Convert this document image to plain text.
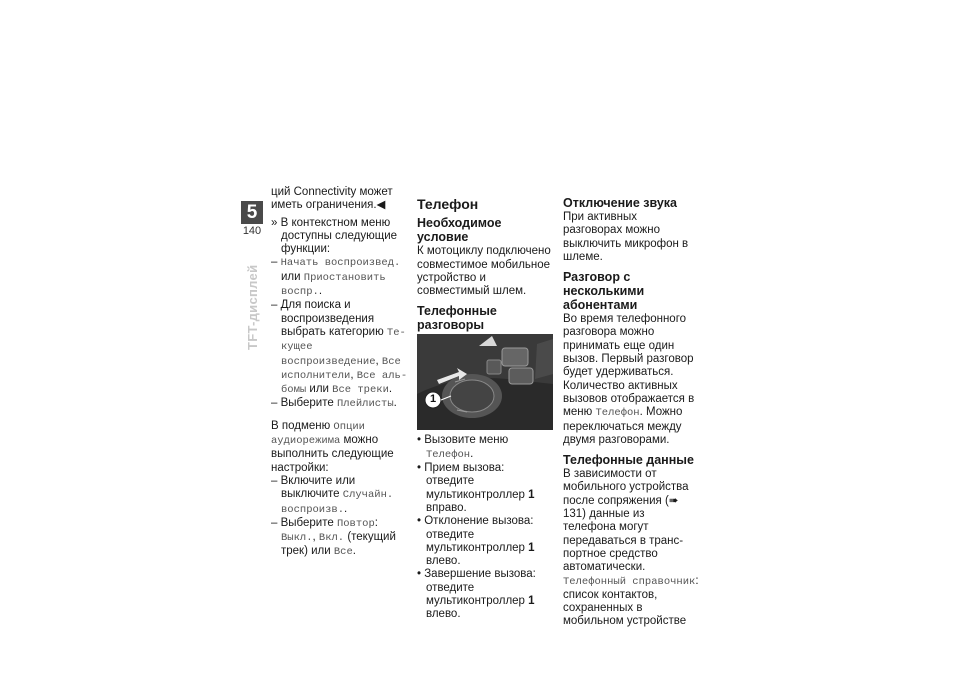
5
140
TFT-дисплей

ций Connectivity может иметь ограничения.◀

» В контекстном меню доступны следующие функции:

– Начать воспроизвед. или Приостановить воспр..

– Для поиска и воспроизведения выбрать категорию Текущее воспроизведение, Все исполнители, Все альбомы или Все треки.

– Выберите Плейлисты.

В подменю Опции аудиорежима можно выполнить следующие настройки:

– Включите или выключите Случайн. воспроизв..

– Выберите Повтор: Выкл., Вкл. (текущий трек) или Все.

Телефон

Необходимое условие

К мотоциклу подключено совместимое мобильное устройство и совместимый шлем.

Телефонные разговоры

1

• Вызовите меню Телефон.

• Прием вызова: отведите мультиконтроллер 1 вправо.

• Отклонение вызова: отведите мультиконтроллер 1 влево.

• Завершение вызова: отведите мультиконтроллер 1 влево.

Отключение звука

При активных разговорах можно выключить микрофон в шлеме.

Разговор с несколькими абонентами

Во время телефонного разговора можно принимать еще один вызов. Первый разговор будет удерживаться. Количество активных вызовов отображается в меню Телефон. Можно переключаться между двумя разговорами.

Телефонные данные

В зависимости от мобильного устройства после сопряжения (➠ 131) данные из телефона могут передаваться в транспортное средство автоматически.

Телефонный справочник: список контактов, сохраненных в мобильном устройстве
